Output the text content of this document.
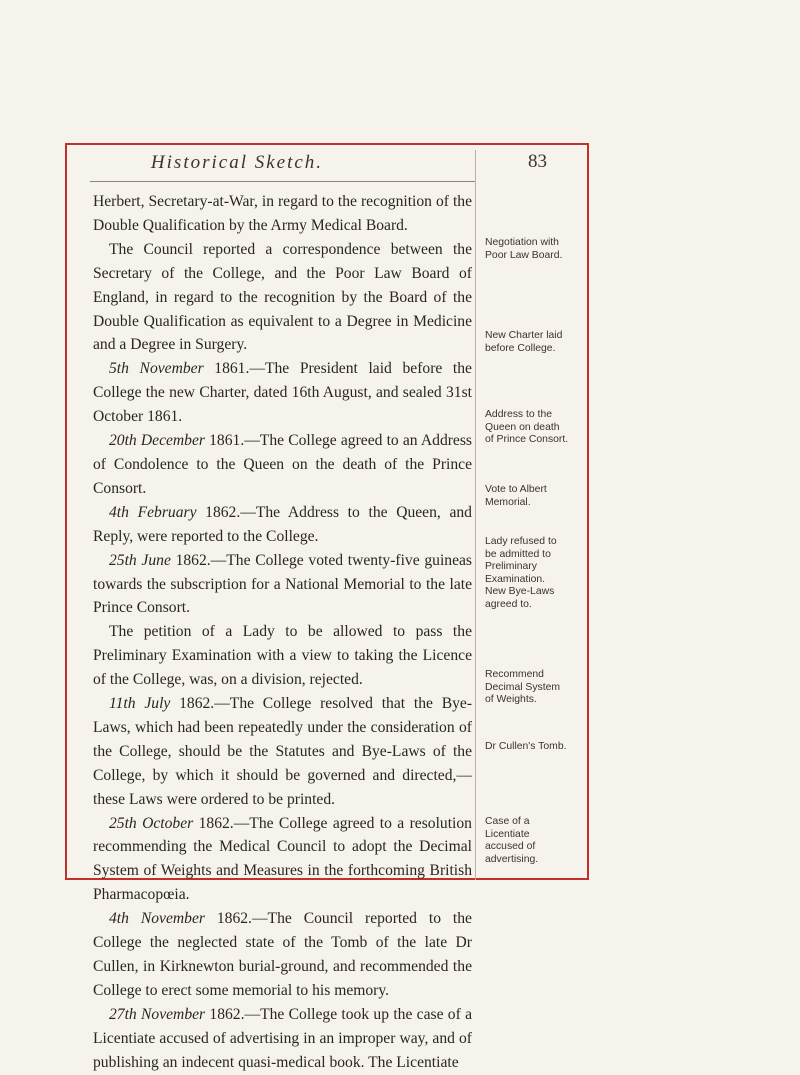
Historical Sketch.	83

Herbert, Secretary-at-War, in regard to the recognition of the Double Qualification by the Army Medical Board.

The Council reported a correspondence between the Secretary of the College, and the Poor Law Board of England, in regard to the recognition by the Board of the Double Qualification as equivalent to a Degree in Medicine and a Degree in Surgery.

5th November 1861.—The President laid before the College the new Charter, dated 16th August, and sealed 31st October 1861.

20th December 1861.—The College agreed to an Address of Condolence to the Queen on the death of the Prince Consort.

4th February 1862.—The Address to the Queen, and Reply, were reported to the College.

25th June 1862.—The College voted twenty-five guineas towards the subscription for a National Memorial to the late Prince Consort.

The petition of a Lady to be allowed to pass the Preliminary Examination with a view to taking the Licence of the College, was, on a division, rejected.

11th July 1862.—The College resolved that the Bye-Laws, which had been repeatedly under the consideration of the College, should be the Statutes and Bye-Laws of the College, by which it should be governed and directed,—these Laws were ordered to be printed.

25th October 1862.—The College agreed to a resolution recommending the Medical Council to adopt the Decimal System of Weights and Measures in the forthcoming British Pharmacopœia.

4th November 1862.—The Council reported to the College the neglected state of the Tomb of the late Dr Cullen, in Kirknewton burial-ground, and recommended the College to erect some memorial to his memory.

27th November 1862.—The College took up the case of a Licentiate accused of advertising in an improper way, and of publishing an indecent quasi-medical book. The Licentiate

Negotiation with Poor Law Board.
New Charter laid before College.
Address to the Queen on death of Prince Consort.
Vote to Albert Memorial.
Lady refused to be admitted to Preliminary Examination.
New Bye-Laws agreed to.
Recommend Decimal System of Weights.
Dr Cullen's Tomb.
Case of a Licentiate accused of advertising.
